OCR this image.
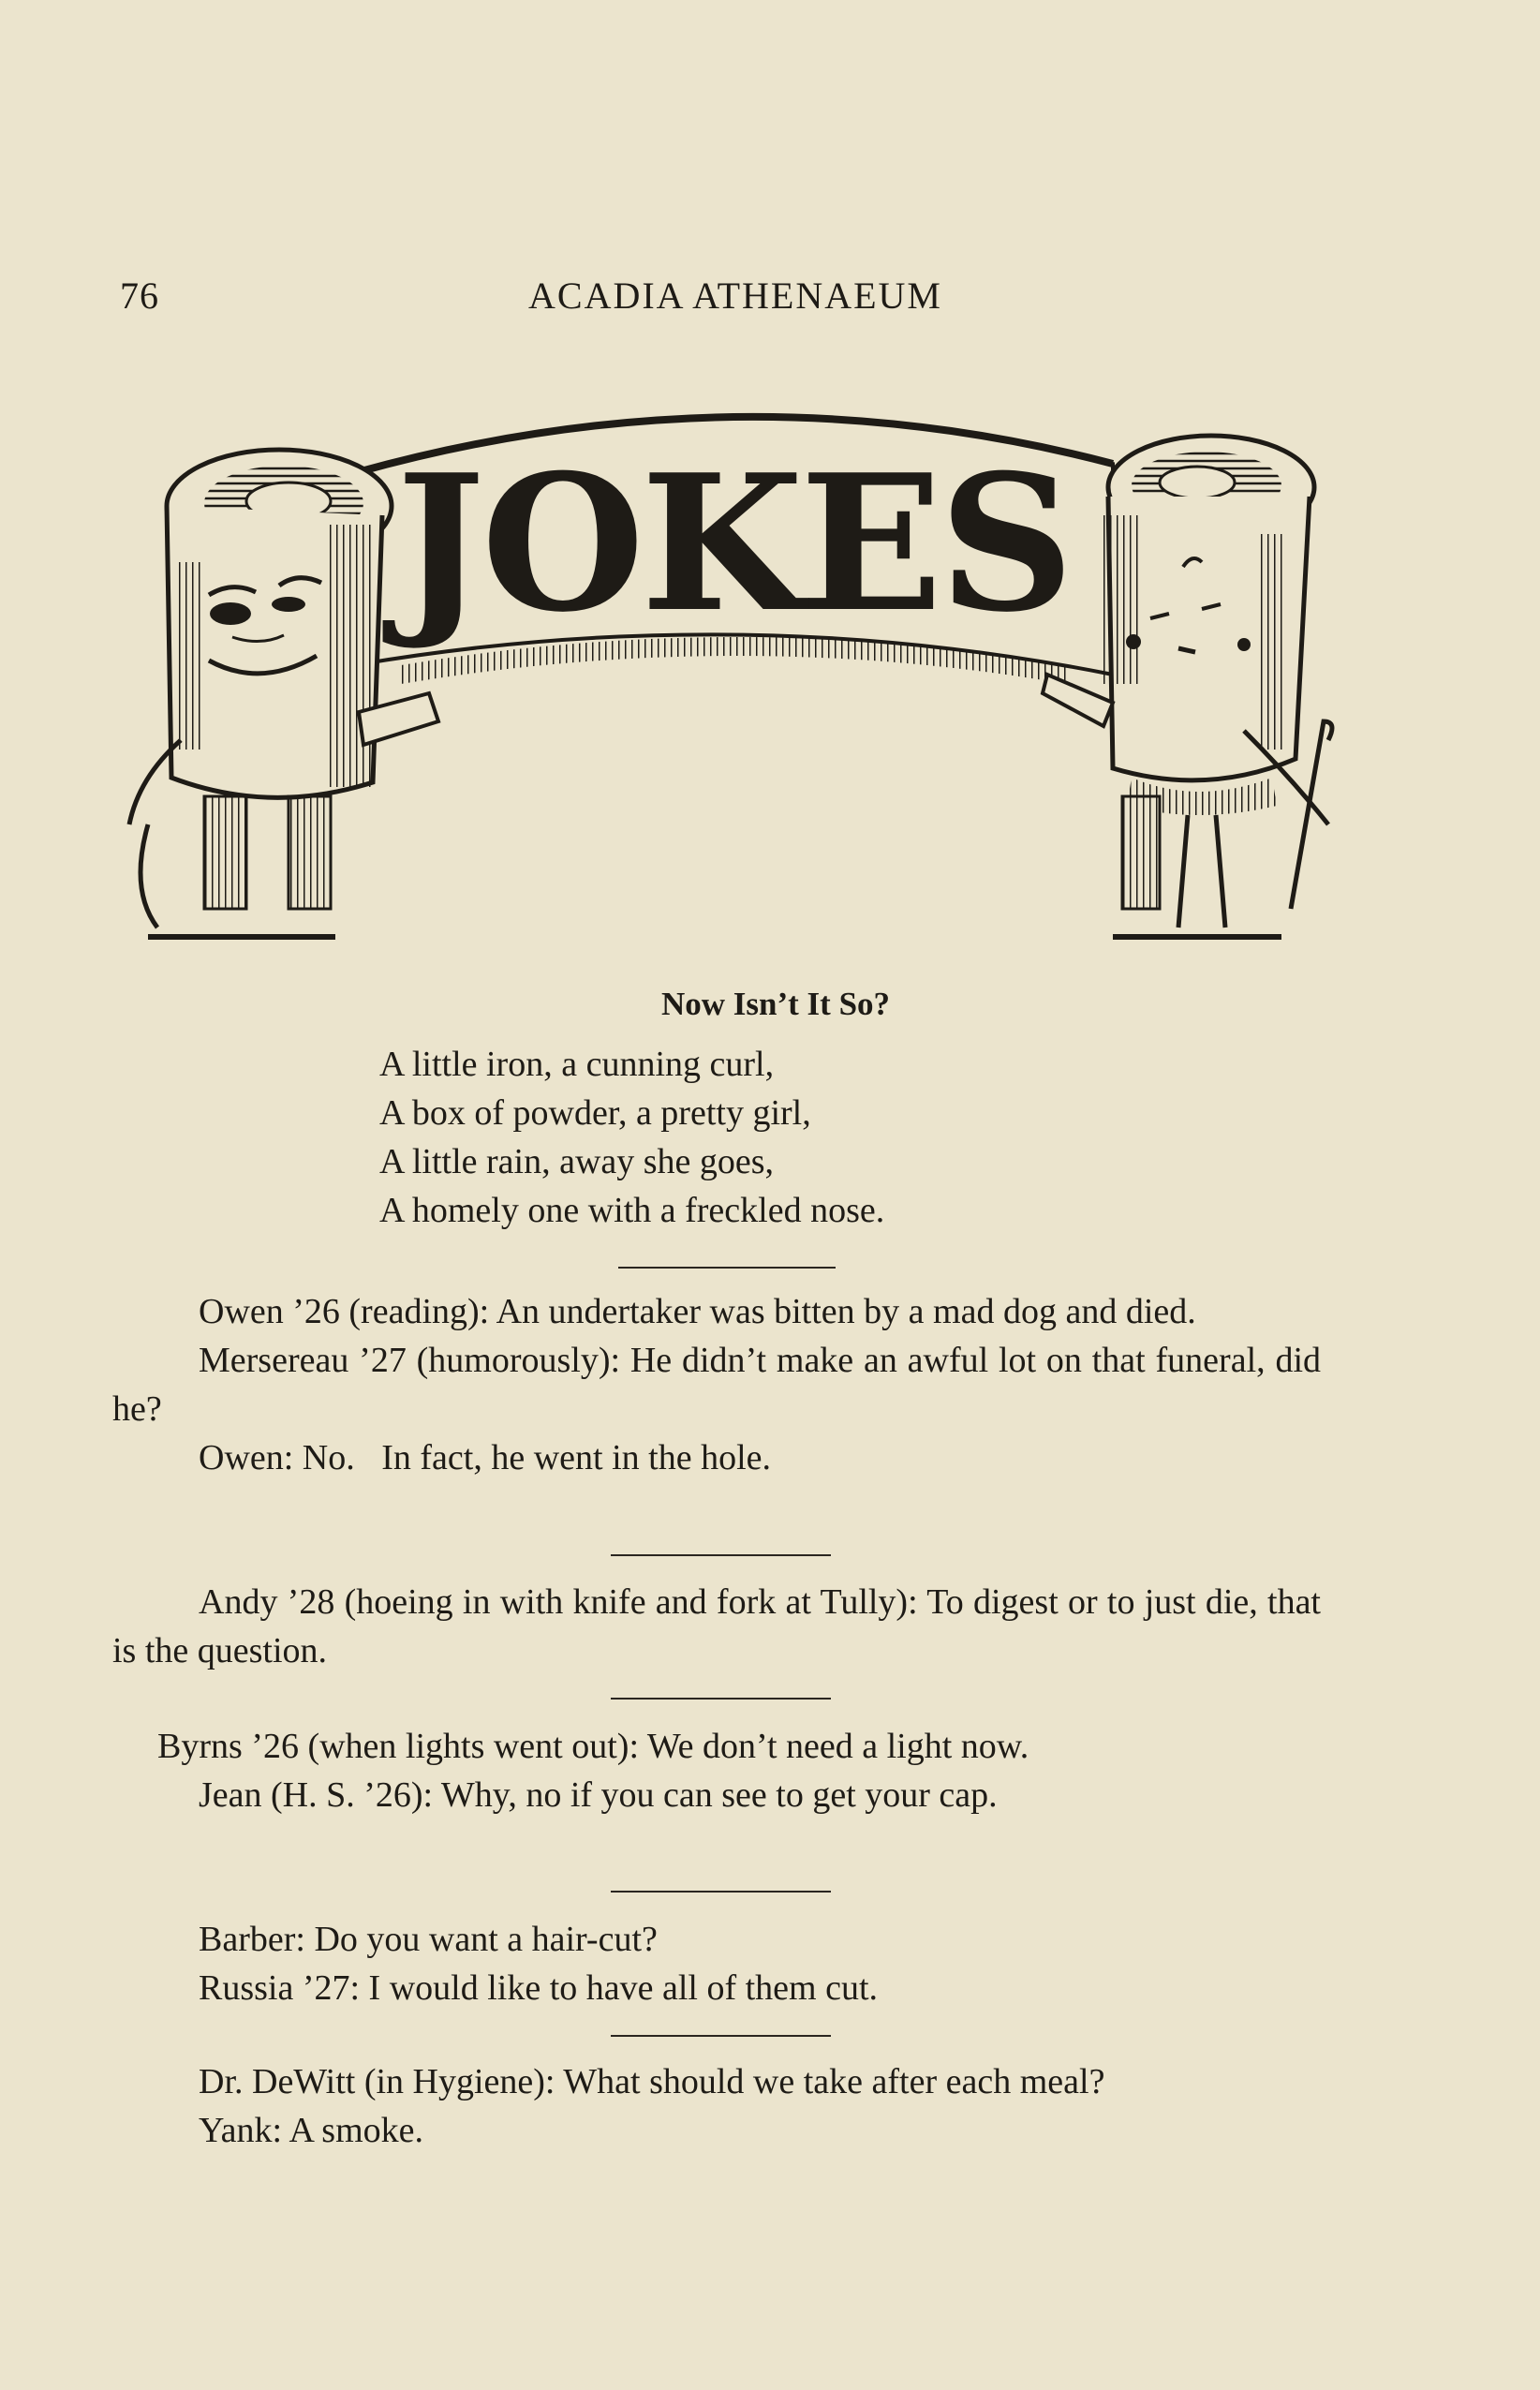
76	ACADIA ATHENAEUM
JOKES
Now Isn’t It So?
A little iron, a cunning curl,
A box of powder, a pretty girl,
A little rain, away she goes,
A homely one with a freckled nose.

Owen ’26 (reading): An undertaker was bitten by a mad dog and died.

Mersereau ’27 (humorously): He didn’t make an awful lot on that funeral, did he?

Owen: No.   In fact, he went in the hole.

Andy ’28 (hoeing in with knife and fork at Tully): To digest or to just die, that is the question.

Byrns ’26 (when lights went out): We don’t need a light now.

Jean (H. S. ’26): Why, no if you can see to get your cap.

Barber: Do you want a hair-cut?

Russia ’27: I would like to have all of them cut.

Dr. DeWitt (in Hygiene): What should we take after each meal?

Yank: A smoke.
